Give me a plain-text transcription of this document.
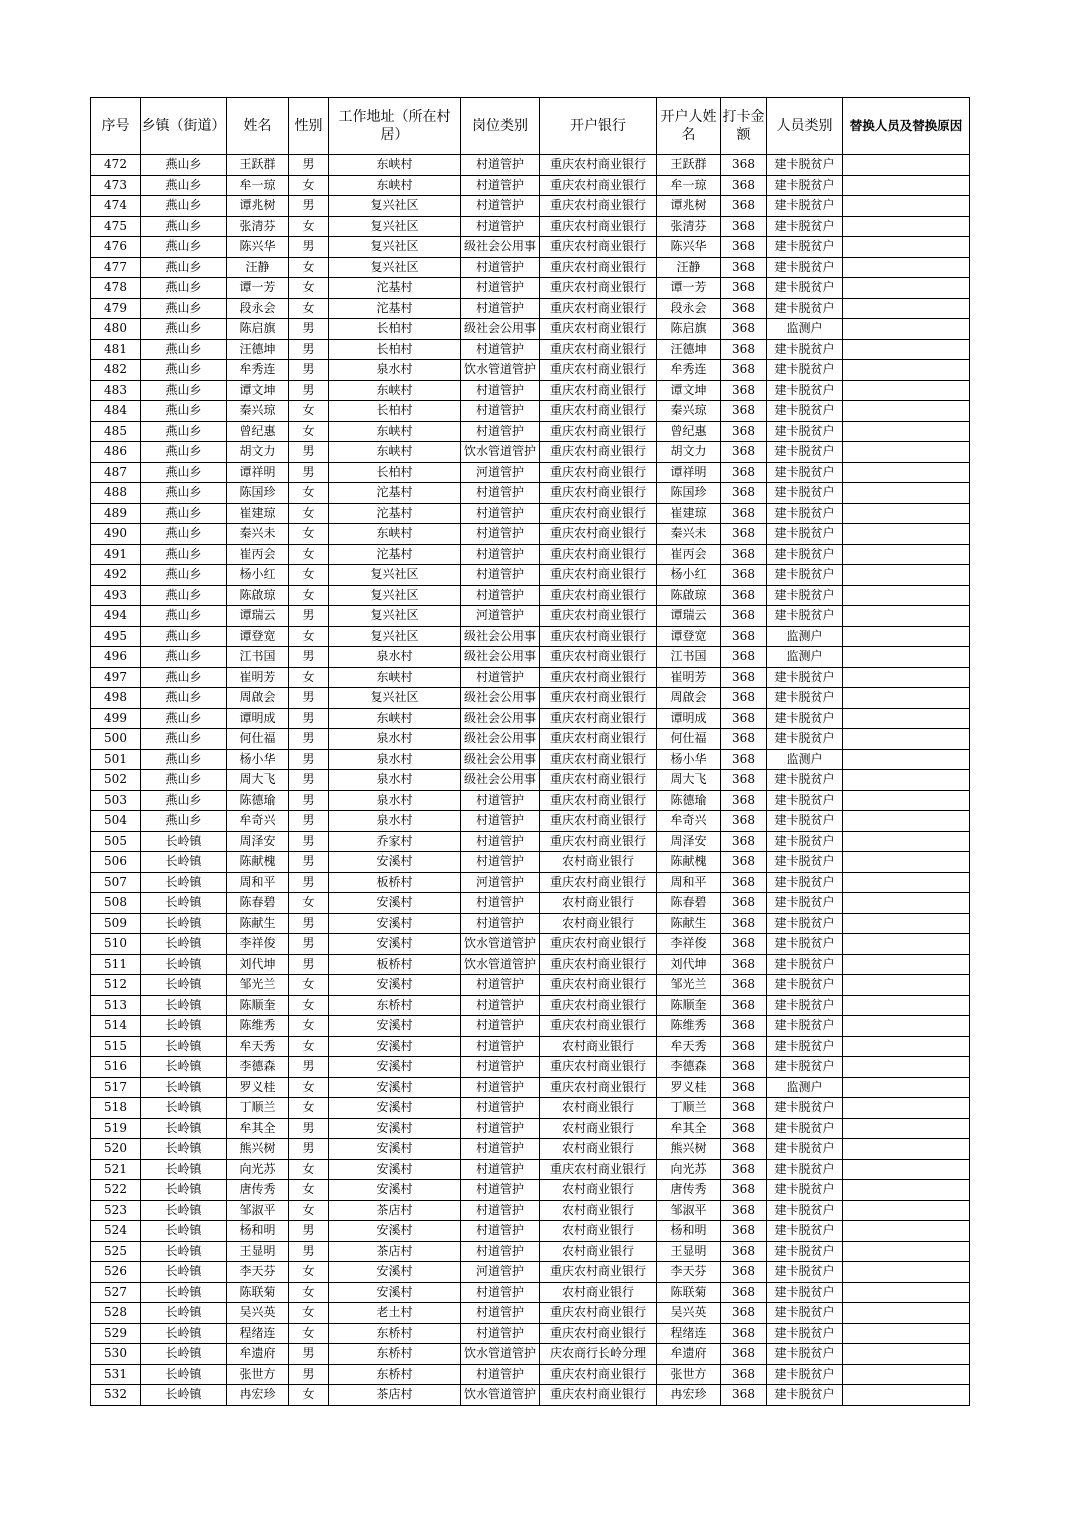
序号	乡镇（街道）	姓名	性别	工作地址（所在村居）	岗位类别	开户银行	开户人姓名	打卡金额	人员类别	替换人员及替换原因
472	燕山乡	王跃群	男	东峡村	村道管护	重庆农村商业银行	王跃群	368	建卡脱贫户	
473	燕山乡	牟一琼	女	东峡村	村道管护	重庆农村商业银行	牟一琼	368	建卡脱贫户	
474	燕山乡	谭兆树	男	复兴社区	村道管护	重庆农村商业银行	谭兆树	368	建卡脱贫户	
475	燕山乡	张清芬	女	复兴社区	村道管护	重庆农村商业银行	张清芬	368	建卡脱贫户	
476	燕山乡	陈兴华	男	复兴社区	级社会公用事	重庆农村商业银行	陈兴华	368	建卡脱贫户	
477	燕山乡	汪静	女	复兴社区	村道管护	重庆农村商业银行	汪静	368	建卡脱贫户	
478	燕山乡	谭一芳	女	沱基村	村道管护	重庆农村商业银行	谭一芳	368	建卡脱贫户	
479	燕山乡	段永会	女	沱基村	村道管护	重庆农村商业银行	段永会	368	建卡脱贫户	
480	燕山乡	陈启旗	男	长柏村	级社会公用事	重庆农村商业银行	陈启旗	368	监测户	
481	燕山乡	汪德坤	男	长柏村	村道管护	重庆农村商业银行	汪德坤	368	建卡脱贫户	
482	燕山乡	牟秀连	男	泉水村	饮水管道管护	重庆农村商业银行	牟秀连	368	建卡脱贫户	
483	燕山乡	谭文坤	男	东峡村	村道管护	重庆农村商业银行	谭文坤	368	建卡脱贫户	
484	燕山乡	秦兴琼	女	长柏村	村道管护	重庆农村商业银行	秦兴琼	368	建卡脱贫户	
485	燕山乡	曾纪惠	女	东峡村	村道管护	重庆农村商业银行	曾纪惠	368	建卡脱贫户	
486	燕山乡	胡文力	男	东峡村	饮水管道管护	重庆农村商业银行	胡文力	368	建卡脱贫户	
487	燕山乡	谭祥明	男	长柏村	河道管护	重庆农村商业银行	谭祥明	368	建卡脱贫户	
488	燕山乡	陈国珍	女	沱基村	村道管护	重庆农村商业银行	陈国珍	368	建卡脱贫户	
489	燕山乡	崔建琼	女	沱基村	村道管护	重庆农村商业银行	崔建琼	368	建卡脱贫户	
490	燕山乡	秦兴未	女	东峡村	村道管护	重庆农村商业银行	秦兴未	368	建卡脱贫户	
491	燕山乡	崔丙会	女	沱基村	村道管护	重庆农村商业银行	崔丙会	368	建卡脱贫户	
492	燕山乡	杨小红	女	复兴社区	村道管护	重庆农村商业银行	杨小红	368	建卡脱贫户	
493	燕山乡	陈啟琼	女	复兴社区	村道管护	重庆农村商业银行	陈啟琼	368	建卡脱贫户	
494	燕山乡	谭瑞云	男	复兴社区	河道管护	重庆农村商业银行	谭瑞云	368	建卡脱贫户	
495	燕山乡	谭登宽	女	复兴社区	级社会公用事	重庆农村商业银行	谭登宽	368	监测户	
496	燕山乡	江书国	男	泉水村	级社会公用事	重庆农村商业银行	江书国	368	监测户	
497	燕山乡	崔明芳	女	东峡村	村道管护	重庆农村商业银行	崔明芳	368	建卡脱贫户	
498	燕山乡	周啟会	男	复兴社区	级社会公用事	重庆农村商业银行	周啟会	368	建卡脱贫户	
499	燕山乡	谭明成	男	东峡村	级社会公用事	重庆农村商业银行	谭明成	368	建卡脱贫户	
500	燕山乡	何仕福	男	泉水村	级社会公用事	重庆农村商业银行	何仕福	368	建卡脱贫户	
501	燕山乡	杨小华	男	泉水村	级社会公用事	重庆农村商业银行	杨小华	368	监测户	
502	燕山乡	周大飞	男	泉水村	级社会公用事	重庆农村商业银行	周大飞	368	建卡脱贫户	
503	燕山乡	陈德瑜	男	泉水村	村道管护	重庆农村商业银行	陈德瑜	368	建卡脱贫户	
504	燕山乡	牟奇兴	男	泉水村	村道管护	重庆农村商业银行	牟奇兴	368	建卡脱贫户	
505	长岭镇	周泽安	男	乔家村	村道管护	重庆农村商业银行	周泽安	368	建卡脱贫户	
506	长岭镇	陈献槐	男	安溪村	村道管护	农村商业银行	陈献槐	368	建卡脱贫户	
507	长岭镇	周和平	男	板桥村	河道管护	重庆农村商业银行	周和平	368	建卡脱贫户	
508	长岭镇	陈春碧	女	安溪村	村道管护	农村商业银行	陈春碧	368	建卡脱贫户	
509	长岭镇	陈献生	男	安溪村	村道管护	农村商业银行	陈献生	368	建卡脱贫户	
510	长岭镇	李祥俊	男	安溪村	饮水管道管护	重庆农村商业银行	李祥俊	368	建卡脱贫户	
511	长岭镇	刘代坤	男	板桥村	饮水管道管护	重庆农村商业银行	刘代坤	368	建卡脱贫户	
512	长岭镇	邹光兰	女	安溪村	村道管护	重庆农村商业银行	邹光兰	368	建卡脱贫户	
513	长岭镇	陈顺奎	女	东桥村	村道管护	重庆农村商业银行	陈顺奎	368	建卡脱贫户	
514	长岭镇	陈维秀	女	安溪村	村道管护	重庆农村商业银行	陈维秀	368	建卡脱贫户	
515	长岭镇	牟天秀	女	安溪村	村道管护	农村商业银行	牟天秀	368	建卡脱贫户	
516	长岭镇	李德森	男	安溪村	村道管护	重庆农村商业银行	李德森	368	建卡脱贫户	
517	长岭镇	罗义桂	女	安溪村	村道管护	重庆农村商业银行	罗义桂	368	监测户	
518	长岭镇	丁顺兰	女	安溪村	村道管护	农村商业银行	丁顺兰	368	建卡脱贫户	
519	长岭镇	牟其全	男	安溪村	村道管护	农村商业银行	牟其全	368	建卡脱贫户	
520	长岭镇	熊兴树	男	安溪村	村道管护	农村商业银行	熊兴树	368	建卡脱贫户	
521	长岭镇	向光苏	女	安溪村	村道管护	重庆农村商业银行	向光苏	368	建卡脱贫户	
522	长岭镇	唐传秀	女	安溪村	村道管护	农村商业银行	唐传秀	368	建卡脱贫户	
523	长岭镇	邹淑平	女	茶店村	村道管护	农村商业银行	邹淑平	368	建卡脱贫户	
524	长岭镇	杨和明	男	安溪村	村道管护	农村商业银行	杨和明	368	建卡脱贫户	
525	长岭镇	王显明	男	茶店村	村道管护	农村商业银行	王显明	368	建卡脱贫户	
526	长岭镇	李天芬	女	安溪村	河道管护	重庆农村商业银行	李天芬	368	建卡脱贫户	
527	长岭镇	陈联菊	女	安溪村	村道管护	农村商业银行	陈联菊	368	建卡脱贫户	
528	长岭镇	吴兴英	女	老土村	村道管护	重庆农村商业银行	吴兴英	368	建卡脱贫户	
529	长岭镇	程绪连	女	东桥村	村道管护	重庆农村商业银行	程绪连	368	建卡脱贫户	
530	长岭镇	牟遗府	男	东桥村	饮水管道管护	庆农商行长岭分理	牟遗府	368	建卡脱贫户	
531	长岭镇	张世方	男	东桥村	村道管护	重庆农村商业银行	张世方	368	建卡脱贫户	
532	长岭镇	冉宏珍	女	茶店村	饮水管道管护	重庆农村商业银行	冉宏珍	368	建卡脱贫户	
